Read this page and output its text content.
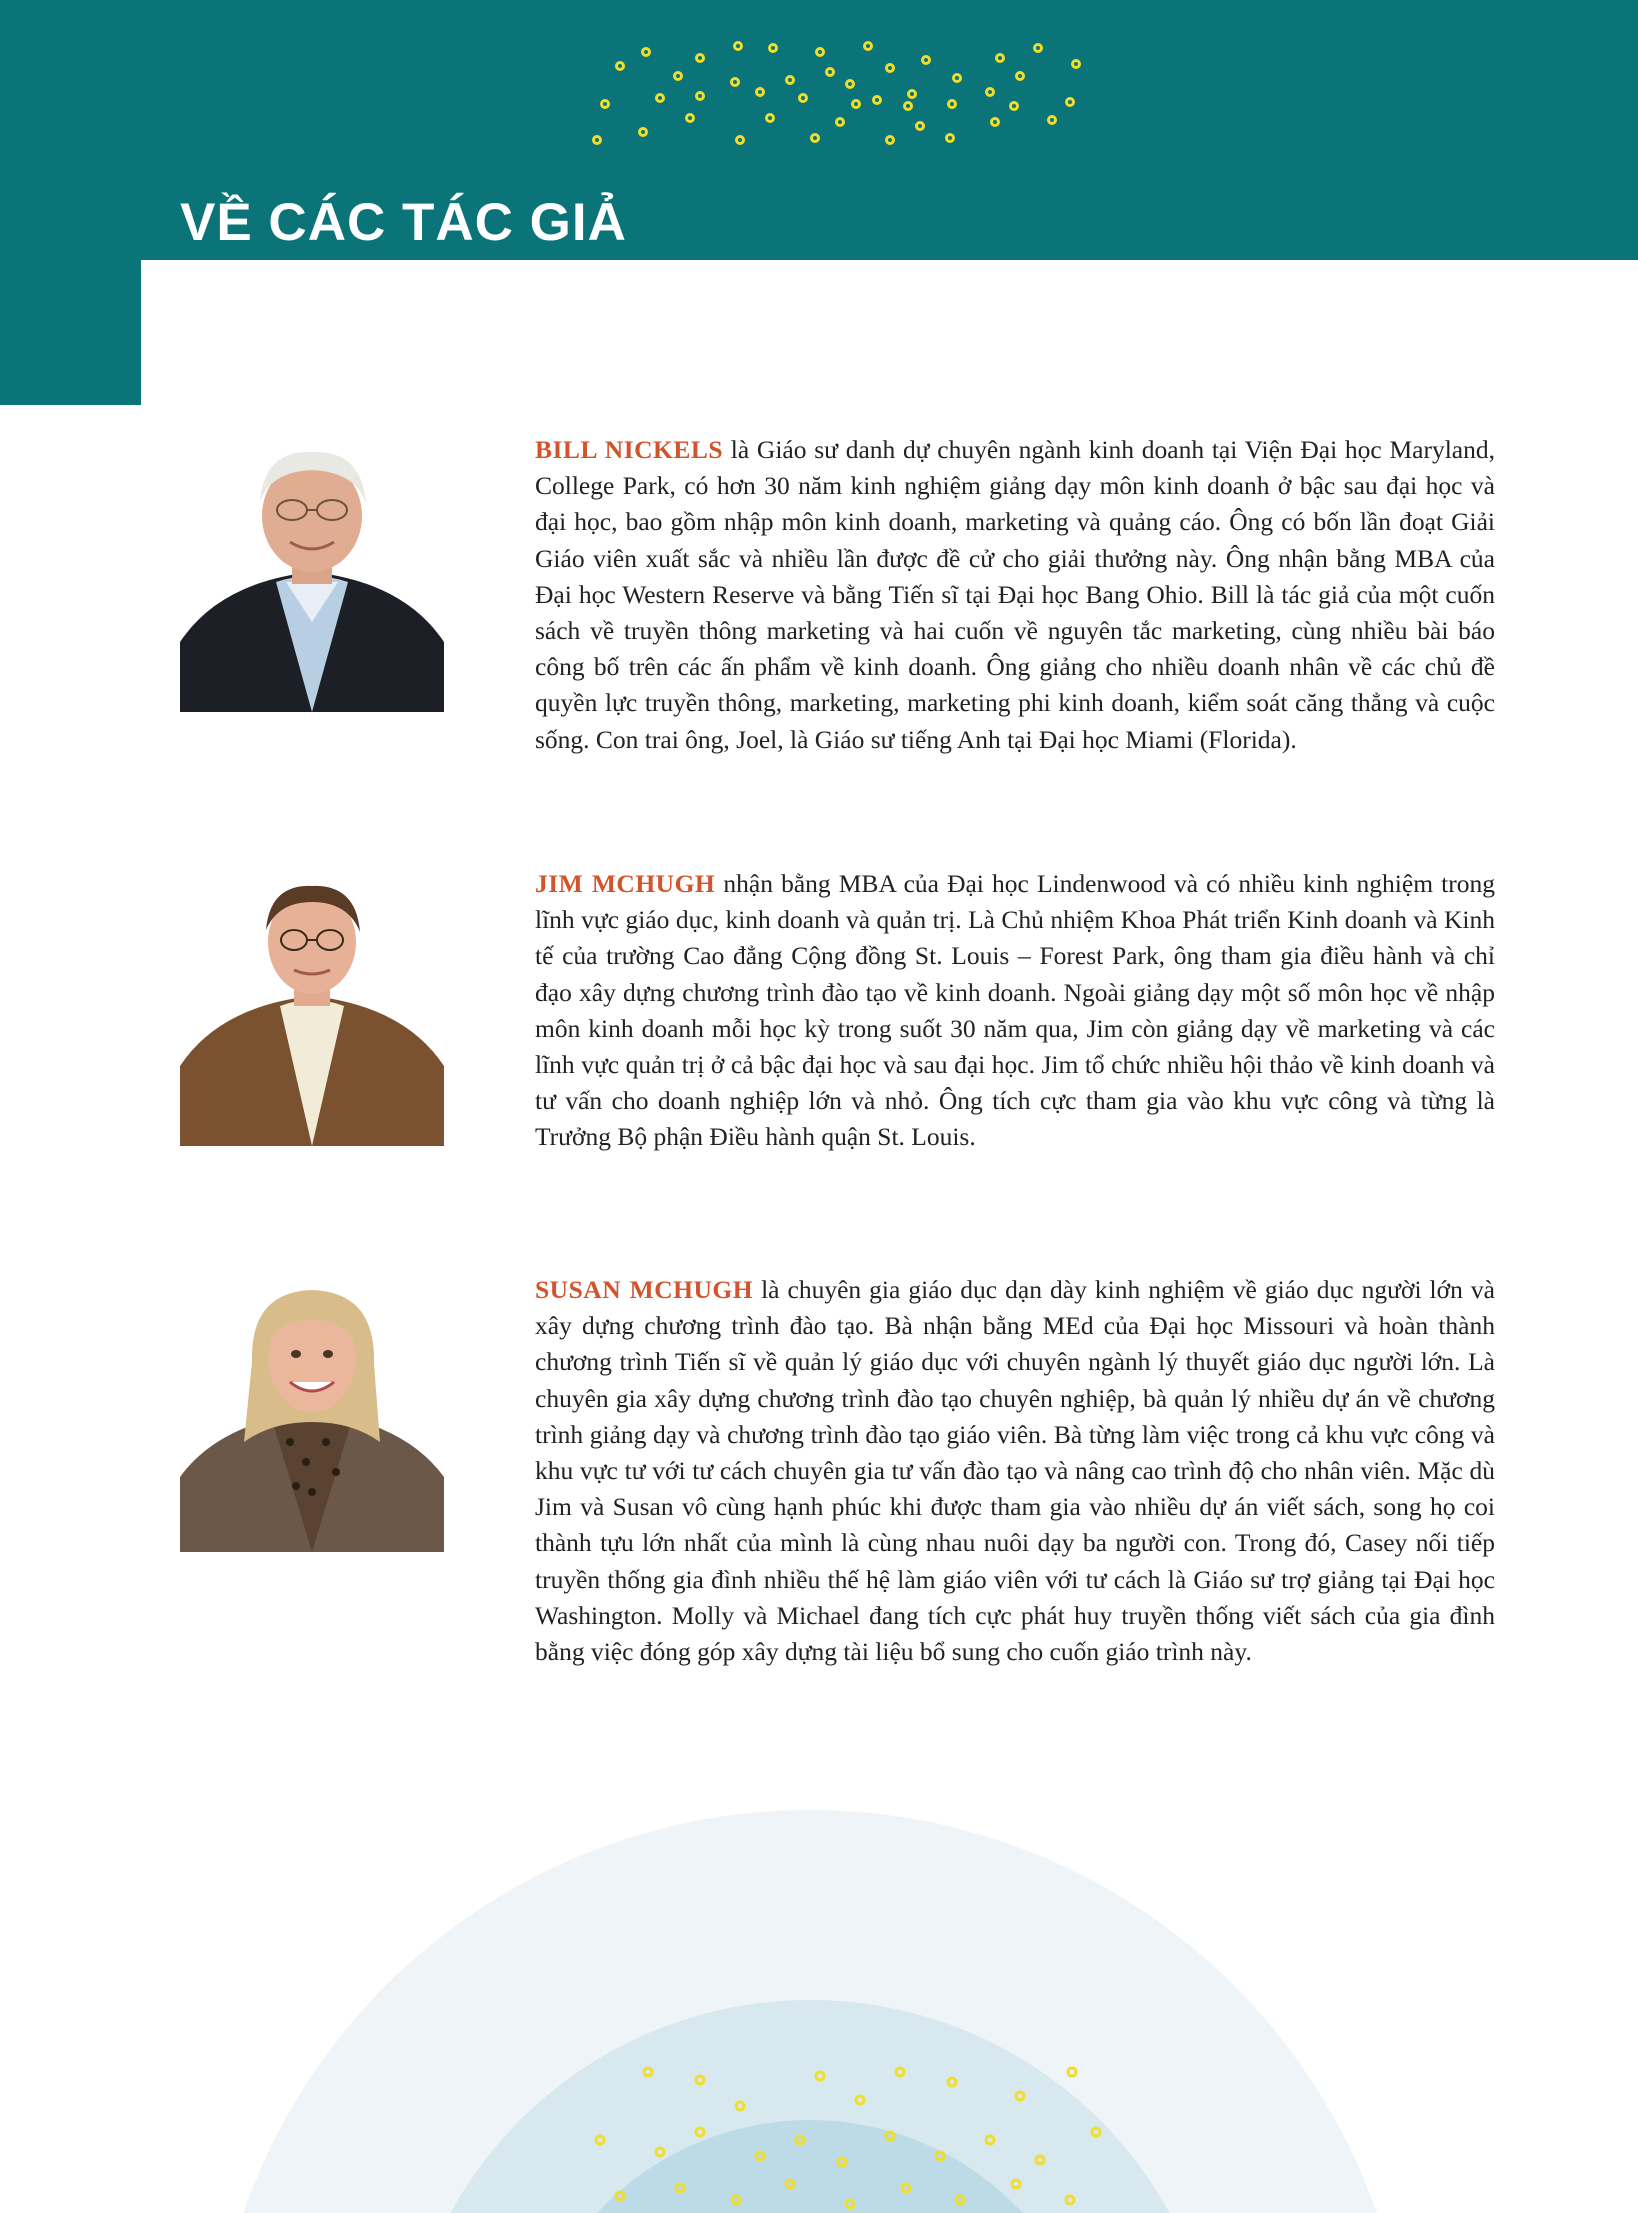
VỀ CÁC TÁC GIẢ

BILL NICKELS là Giáo sư danh dự chuyên ngành kinh doanh tại Viện Đại học Maryland, College Park, có hơn 30 năm kinh nghiệm giảng dạy môn kinh doanh ở bậc sau đại học và đại học, bao gồm nhập môn kinh doanh, marketing và quảng cáo. Ông có bốn lần đoạt Giải Giáo viên xuất sắc và nhiều lần được đề cử cho giải thưởng này. Ông nhận bằng MBA của Đại học Western Reserve và bằng Tiến sĩ tại Đại học Bang Ohio. Bill là tác giả của một cuốn sách về truyền thông marketing và hai cuốn về nguyên tắc marketing, cùng nhiều bài báo công bố trên các ấn phẩm về kinh doanh. Ông giảng cho nhiều doanh nhân về các chủ đề quyền lực truyền thông, marketing, marketing phi kinh doanh, kiểm soát căng thẳng và cuộc sống. Con trai ông, Joel, là Giáo sư tiếng Anh tại Đại học Miami (Florida).

JIM MCHUGH nhận bằng MBA của Đại học Lindenwood và có nhiều kinh nghiệm trong lĩnh vực giáo dục, kinh doanh và quản trị. Là Chủ nhiệm Khoa Phát triển Kinh doanh và Kinh tế của trường Cao đẳng Cộng đồng St. Louis – Forest Park, ông tham gia điều hành và chỉ đạo xây dựng chương trình đào tạo về kinh doanh. Ngoài giảng dạy một số môn học về nhập môn kinh doanh mỗi học kỳ trong suốt 30 năm qua, Jim còn giảng dạy về marketing và các lĩnh vực quản trị ở cả bậc đại học và sau đại học. Jim tổ chức nhiều hội thảo về kinh doanh và tư vấn cho doanh nghiệp lớn và nhỏ. Ông tích cực tham gia vào khu vực công và từng là Trưởng Bộ phận Điều hành quận St. Louis.

SUSAN MCHUGH là chuyên gia giáo dục dạn dày kinh nghiệm về giáo dục người lớn và xây dựng chương trình đào tạo. Bà nhận bằng MEd của Đại học Missouri và hoàn thành chương trình Tiến sĩ về quản lý giáo dục với chuyên ngành lý thuyết giáo dục người lớn. Là chuyên gia xây dựng chương trình đào tạo chuyên nghiệp, bà quản lý nhiều dự án về chương trình giảng dạy và chương trình đào tạo giáo viên. Bà từng làm việc trong cả khu vực công và khu vực tư với tư cách chuyên gia tư vấn đào tạo và nâng cao trình độ cho nhân viên. Mặc dù Jim và Susan vô cùng hạnh phúc khi được tham gia vào nhiều dự án viết sách, song họ coi thành tựu lớn nhất của mình là cùng nhau nuôi dạy ba người con. Trong đó, Casey nối tiếp truyền thống gia đình nhiều thế hệ làm giáo viên với tư cách là Giáo sư trợ giảng tại Đại học Washington. Molly và Michael đang tích cực phát huy truyền thống viết sách của gia đình bằng việc đóng góp xây dựng tài liệu bổ sung cho cuốn giáo trình này.
